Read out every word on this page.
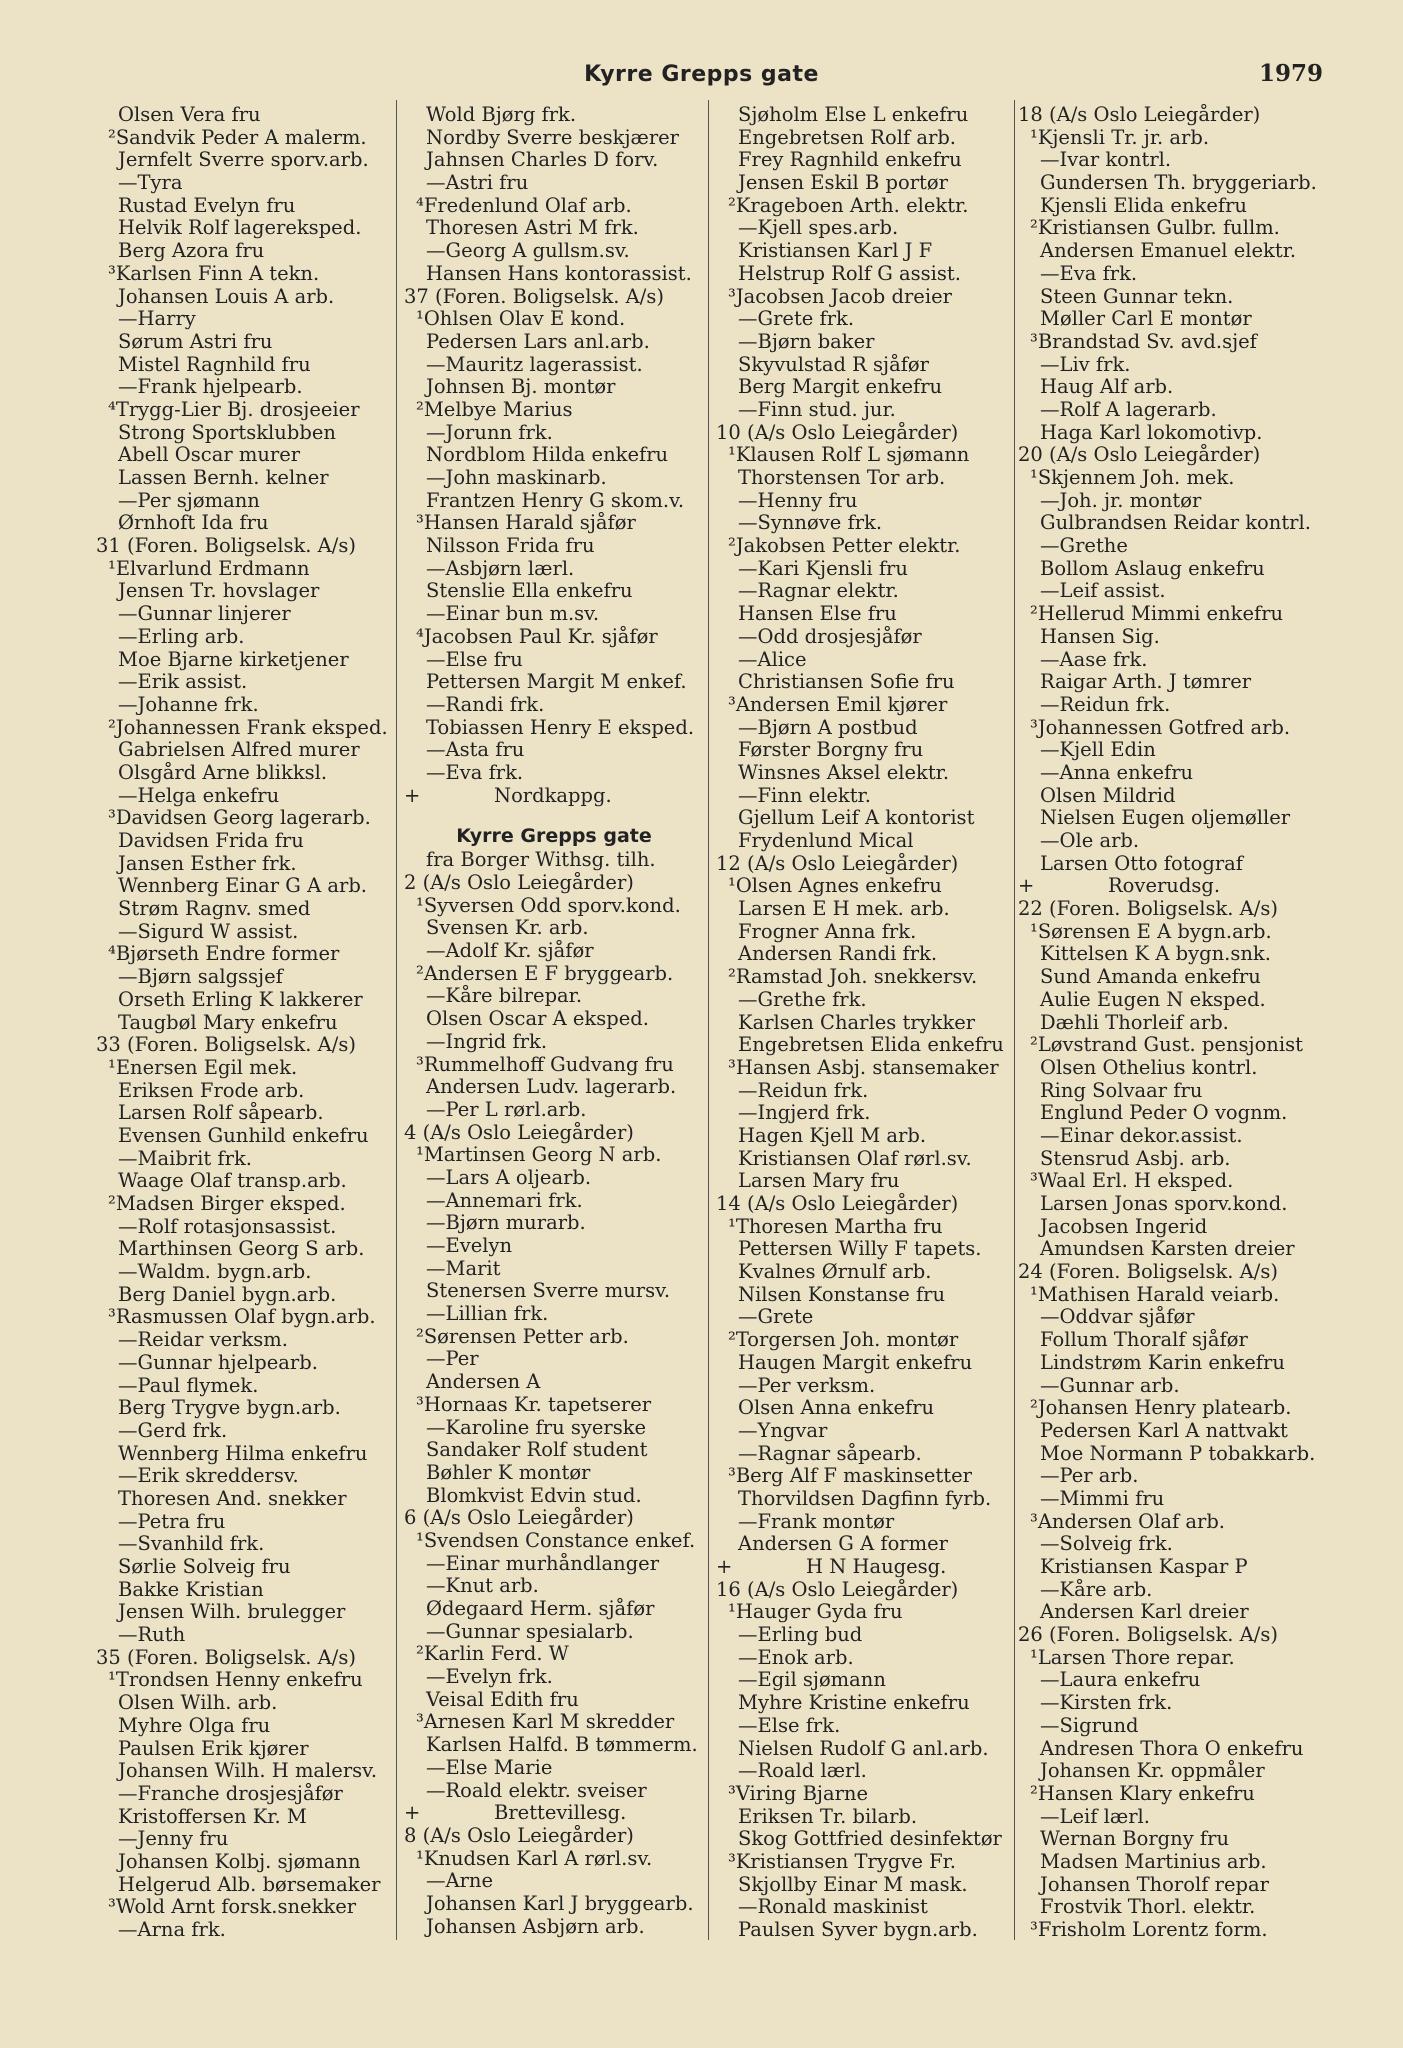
Kyrre Grepps gate	1979
Olsen Vera fru
²Sandvik Peder A malerm.
Jernfelt Sverre sporv.arb.
—Tyra
Rustad Evelyn fru
Helvik Rolf lagereksped.
Berg Azora fru
³Karlsen Finn A tekn.
Johansen Louis A arb.
—Harry
Sørum Astri fru
Mistel Ragnhild fru
—Frank hjelpearb.
⁴Trygg-Lier Bj. drosjeeier
Strong Sportsklubben
Abell Oscar murer
Lassen Bernh. kelner
—Per sjømann
Ørnhoft Ida fru
31 (Foren. Boligselsk. A/s)
¹Elvarlund Erdmann
Jensen Tr. hovslager
—Gunnar linjerer
—Erling arb.
Moe Bjarne kirketjener
—Erik assist.
—Johanne frk.
²Johannessen Frank eksped.
Gabrielsen Alfred murer
Olsgård Arne blikksl.
—Helga enkefru
³Davidsen Georg lagerarb.
Davidsen Frida fru
Jansen Esther frk.
Wennberg Einar G A arb.
Strøm Ragnv. smed
—Sigurd W assist.
⁴Bjørseth Endre former
—Bjørn salgssjef
Orseth Erling K lakkerer
Taugbøl Mary enkefru
33 (Foren. Boligselsk. A/s)
¹Enersen Egil mek.
Eriksen Frode arb.
Larsen Rolf såpearb.
Evensen Gunhild enkefru
—Maibrit frk.
Waage Olaf transp.arb.
²Madsen Birger eksped.
—Rolf rotasjonsassist.
Marthinsen Georg S arb.
—Waldm. bygn.arb.
Berg Daniel bygn.arb.
³Rasmussen Olaf bygn.arb.
—Reidar verksm.
—Gunnar hjelpearb.
—Paul flymek.
Berg Trygve bygn.arb.
—Gerd frk.
Wennberg Hilma enkefru
—Erik skreddersv.
Thoresen And. snekker
—Petra fru
—Svanhild frk.
Sørlie Solveig fru
Bakke Kristian
Jensen Wilh. brulegger
—Ruth
35 (Foren. Boligselsk. A/s)
¹Trondsen Henny enkefru
Olsen Wilh. arb.
Myhre Olga fru
Paulsen Erik kjører
Johansen Wilh. H malersv.
—Franche drosjesjåfør
Kristoffersen Kr. M
—Jenny fru
Johansen Kolbj. sjømann
Helgerud Alb. børsemaker
³Wold Arnt forsk.snekker
—Arna frk.
Wold Bjørg frk.
Nordby Sverre beskjærer
Jahnsen Charles D forv.
—Astri fru
⁴Fredenlund Olaf arb.
Thoresen Astri M frk.
—Georg A gullsm.sv.
Hansen Hans kontorassist.
37 (Foren. Boligselsk. A/s)
¹Ohlsen Olav E kond.
Pedersen Lars anl.arb.
—Mauritz lagerassist.
Johnsen Bj. montør
²Melbye Marius
—Jorunn frk.
Nordblom Hilda enkefru
—John maskinarb.
Frantzen Henry G skom.v.
³Hansen Harald sjåfør
Nilsson Frida fru
—Asbjørn lærl.
Stenslie Ella enkefru
—Einar bun m.sv.
⁴Jacobsen Paul Kr. sjåfør
—Else fru
Pettersen Margit M enkef.
—Randi frk.
Tobiassen Henry E eksped.
—Asta fru
—Eva frk.
+	Nordkappg.
Kyrre Grepps gate
fra Borger Withsg. tilh.
2 (A/s Oslo Leiegårder)
¹Syversen Odd sporv.kond.
Svensen Kr. arb.
—Adolf Kr. sjåfør
²Andersen E F bryggearb.
—Kåre bilrepar.
Olsen Oscar A eksped.
—Ingrid frk.
³Rummelhoff Gudvang fru
Andersen Ludv. lagerarb.
—Per L rørl.arb.
4 (A/s Oslo Leiegårder)
¹Martinsen Georg N arb.
—Lars A oljearb.
—Annemari frk.
—Bjørn murarb.
—Evelyn
—Marit
Stenersen Sverre mursv.
—Lillian frk.
²Sørensen Petter arb.
—Per
Andersen A
³Hornaas Kr. tapetserer
—Karoline fru syerske
Sandaker Rolf student
Bøhler K montør
Blomkvist Edvin stud.
6 (A/s Oslo Leiegårder)
¹Svendsen Constance enkef.
—Einar murhåndlanger
—Knut arb.
Ødegaard Herm. sjåfør
—Gunnar spesialarb.
²Karlin Ferd. W
—Evelyn frk.
Veisal Edith fru
³Arnesen Karl M skredder
Karlsen Halfd. B tømmerm.
—Else Marie
—Roald elektr. sveiser
+	Brettevillesg.
8 (A/s Oslo Leiegårder)
¹Knudsen Karl A rørl.sv.
—Arne
Johansen Karl J bryggearb.
Johansen Asbjørn arb.
Sjøholm Else L enkefru
Engebretsen Rolf arb.
Frey Ragnhild enkefru
Jensen Eskil B portør
²Krageboen Arth. elektr.
—Kjell spes.arb.
Kristiansen Karl J F
Helstrup Rolf G assist.
³Jacobsen Jacob dreier
—Grete frk.
—Bjørn baker
Skyvulstad R sjåfør
Berg Margit enkefru
—Finn stud. jur.
10 (A/s Oslo Leiegårder)
¹Klausen Rolf L sjømann
Thorstensen Tor arb.
—Henny fru
—Synnøve frk.
²Jakobsen Petter elektr.
—Kari Kjensli fru
—Ragnar elektr.
Hansen Else fru
—Odd drosjesjåfør
—Alice
Christiansen Sofie fru
³Andersen Emil kjører
—Bjørn A postbud
Førster Borgny fru
Winsnes Aksel elektr.
—Finn elektr.
Gjellum Leif A kontorist
Frydenlund Mical
12 (A/s Oslo Leiegårder)
¹Olsen Agnes enkefru
Larsen E H mek. arb.
Frogner Anna frk.
Andersen Randi frk.
²Ramstad Joh. snekkersv.
—Grethe frk.
Karlsen Charles trykker
Engebretsen Elida enkefru
³Hansen Asbj. stansemaker
—Reidun frk.
—Ingjerd frk.
Hagen Kjell M arb.
Kristiansen Olaf rørl.sv.
Larsen Mary fru
14 (A/s Oslo Leiegårder)
¹Thoresen Martha fru
Pettersen Willy F tapets.
Kvalnes Ørnulf arb.
Nilsen Konstanse fru
—Grete
²Torgersen Joh. montør
Haugen Margit enkefru
—Per verksm.
Olsen Anna enkefru
—Yngvar
—Ragnar såpearb.
³Berg Alf F maskinsetter
Thorvildsen Dagfinn fyrb.
—Frank montør
Andersen G A former
+	H N Haugesg.
16 (A/s Oslo Leiegårder)
¹Hauger Gyda fru
—Erling bud
—Enok arb.
—Egil sjømann
Myhre Kristine enkefru
—Else frk.
Nielsen Rudolf G anl.arb.
—Roald lærl.
³Viring Bjarne
Eriksen Tr. bilarb.
Skog Gottfried desinfektør
³Kristiansen Trygve Fr.
Skjollby Einar M mask.
—Ronald maskinist
Paulsen Syver bygn.arb.
18 (A/s Oslo Leiegårder)
¹Kjensli Tr. jr. arb.
—Ivar kontrl.
Gundersen Th. bryggeriarb.
Kjensli Elida enkefru
²Kristiansen Gulbr. fullm.
Andersen Emanuel elektr.
—Eva frk.
Steen Gunnar tekn.
Møller Carl E montør
³Brandstad Sv. avd.sjef
—Liv frk.
Haug Alf arb.
—Rolf A lagerarb.
Haga Karl lokomotivp.
20 (A/s Oslo Leiegårder)
¹Skjennem Joh. mek.
—Joh. jr. montør
Gulbrandsen Reidar kontrl.
—Grethe
Bollom Aslaug enkefru
—Leif assist.
²Hellerud Mimmi enkefru
Hansen Sig.
—Aase frk.
Raigar Arth. J tømrer
—Reidun frk.
³Johannessen Gotfred arb.
—Kjell Edin
—Anna enkefru
Olsen Mildrid
Nielsen Eugen oljemøller
—Ole arb.
Larsen Otto fotograf
+	Roverudsg.
22 (Foren. Boligselsk. A/s)
¹Sørensen E A bygn.arb.
Kittelsen K A bygn.snk.
Sund Amanda enkefru
Aulie Eugen N eksped.
Dæhli Thorleif arb.
²Løvstrand Gust. pensjonist
Olsen Othelius kontrl.
Ring Solvaar fru
Englund Peder O vognm.
—Einar dekor.assist.
Stensrud Asbj. arb.
³Waal Erl. H eksped.
Larsen Jonas sporv.kond.
Jacobsen Ingerid
Amundsen Karsten dreier
24 (Foren. Boligselsk. A/s)
¹Mathisen Harald veiarb.
—Oddvar sjåfør
Follum Thoralf sjåfør
Lindstrøm Karin enkefru
—Gunnar arb.
²Johansen Henry platearb.
Pedersen Karl A nattvakt
Moe Normann P tobakkarb.
—Per arb.
—Mimmi fru
³Andersen Olaf arb.
—Solveig frk.
Kristiansen Kaspar P
—Kåre arb.
Andersen Karl dreier
26 (Foren. Boligselsk. A/s)
¹Larsen Thore repar.
—Laura enkefru
—Kirsten frk.
—Sigrund
Andresen Thora O enkefru
Johansen Kr. oppmåler
²Hansen Klary enkefru
—Leif lærl.
Wernan Borgny fru
Madsen Martinius arb.
Johansen Thorolf repar
Frostvik Thorl. elektr.
³Frisholm Lorentz form.
